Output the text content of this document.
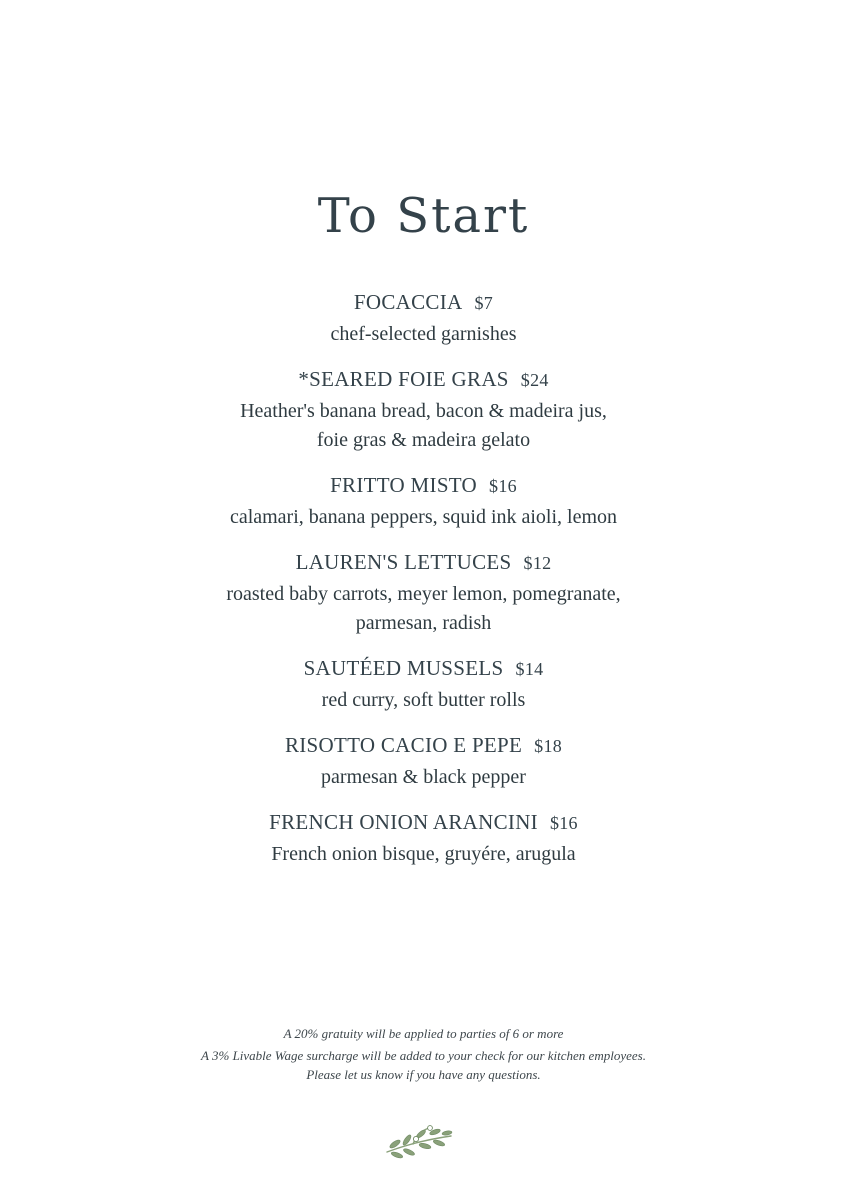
To Start
FOCACCIA $7
chef-selected garnishes
*SEARED FOIE GRAS $24
Heather's banana bread, bacon & madeira jus,
foie gras & madeira gelato
FRITTO MISTO $16
calamari, banana peppers, squid ink aioli, lemon
LAUREN'S LETTUCES $12
roasted baby carrots, meyer lemon, pomegranate,
parmesan, radish
SAUTÉED MUSSELS $14
red curry, soft butter rolls
RISOTTO CACIO E PEPE $18
parmesan & black pepper
FRENCH ONION ARANCINI $16
French onion bisque, gruyére, arugula

A 20% gratuity will be applied to parties of 6 or more

A 3% Livable Wage surcharge will be added to your check for our kitchen employees.

Please let us know if you have any questions.
